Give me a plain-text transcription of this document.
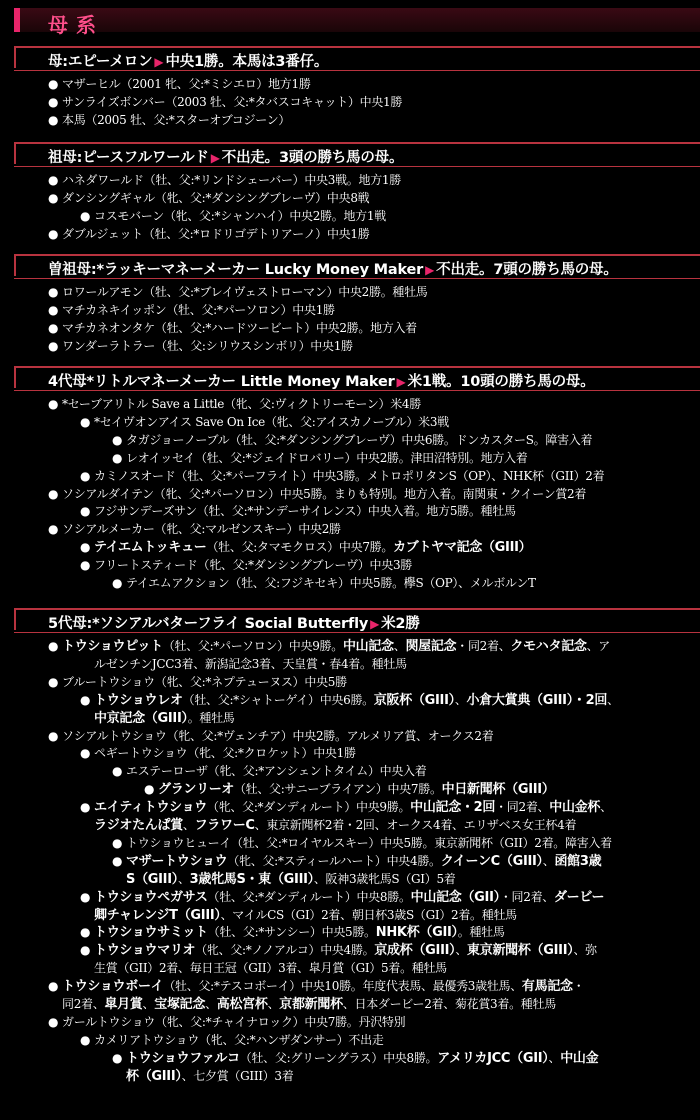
母系
母:エピーメロン ▶ 中央1勝。本馬は3番仔。
● マザーヒル（2001 牝、父:*ミシエロ）地方1勝
● サンライズボンバー（2003 牡、父:*タバスコキャット）中央1勝
● 本馬（2005 牡、父:*スターオブコジーン）
祖母:ピースフルワールド ▶ 不出走。3頭の勝ち馬の母。
● ハネダワールド（牡、父:*リンドシェーバー）中央3戦。地方1勝
● ダンシングギャル（牝、父:*ダンシングブレーヴ）中央8戦
● コスモバーン（牝、父:*シャンハイ）中央2勝。地方1戦
● ダブルジェット（牡、父:*ロドリゴデトリアーノ）中央1勝
曽祖母:*ラッキーマネーメーカー Lucky Money Maker ▶ 不出走。7頭の勝ち馬の母。
● ロワールアモン（牡、父:*ブレイヴェストローマン）中央2勝。種牡馬
● マチカネキイッポン（牡、父:*パーソロン）中央1勝
● マチカネオンタケ（牡、父:*ハードツービート）中央2勝。地方入着
● ワンダーラトラー（牡、父:シリウスシンボリ）中央1勝
4代母*リトルマネーメーカー Little Money Maker ▶ 米1戦。10頭の勝ち馬の母。
● *セーブアリトル Save a Little（牝、父:ヴィクトリーモーン）米4勝
● *セイヴオンアイス Save On Ice（牝、父:アイスカノーブル）米3戦
● タガジョーノーブル（牡、父:*ダンシングブレーヴ）中央6勝。ドンカスターS。障害入着
● レオイッセイ（牡、父:*ジェイドロバリー）中央2勝。津田沼特別。地方入着
● カミノスオード（牡、父:*パーフライト）中央3勝。メトロポリタンS（OP）、NHK杯（GII）2着
● ソシアルダイテン（牝、父:*パーソロン）中央5勝。まりも特別。地方入着。南関東・クイーン賞2着
● フジサンデーズサン（牡、父:*サンデーサイレンス）中央入着。地方5勝。種牡馬
● ソシアルメーカー（牝、父:マルゼンスキー）中央2勝
● テイエムトッキュー（牡、父:タマモクロス）中央7勝。カブトヤマ記念（GIII）
● フリートスティード（牝、父:*ダンシングブレーヴ）中央3勝
● テイエムアクション（牡、父:フジキセキ）中央5勝。欅S（OP）、メルボルンT
5代母:*ソシアルバターフライ Social Butterfly ▶ 米2勝
● トウショウピット（牡、父:*パーソロン）中央9勝。中山記念、関屋記念・同2着、クモハタ記念、ア
ルゼンチンJCC3着、新潟記念3着、天皇賞・春4着。種牡馬
● ブルートウショウ（牝、父:*ネプテューヌス）中央5勝
● トウショウレオ（牡、父:*シャトーゲイ）中央6勝。京阪杯（GIII）、小倉大賞典（GIII）・2回、
中京記念（GIII）。種牡馬
● ソシアルトウショウ（牝、父:*ヴェンチア）中央2勝。アルメリア賞、オークス2着
● ペギートウショウ（牝、父:*クロケット）中央1勝
● エステーローザ（牝、父:*アンシェントタイム）中央入着
● グランリーオ（牡、父:サニーブライアン）中央7勝。中日新聞杯（GIII）
● エイティトウショウ（牝、父:*ダンディルート）中央9勝。中山記念・2回・同2着、中山金杯、
ラジオたんぱ賞、フラワーC、東京新聞杯2着・2回、オークス4着、エリザベス女王杯4着
● トウショウヒューイ（牡、父:*ロイヤルスキー）中央5勝。東京新聞杯（GII）2着。障害入着
● マザートウショウ（牝、父:*スティールハート）中央4勝。クイーンC（GIII）、函館3歳
S（GIII）、3歳牝馬S・東（GIII）、阪神3歳牝馬S（GI）5着
● トウショウペガサス（牡、父:*ダンディルート）中央8勝。中山記念（GII）・同2着、ダービー
卿チャレンジT（GIII）、マイルCS（GI）2着、朝日杯3歳S（GI）2着。種牡馬
● トウショウサミット（牡、父:*サンシー）中央5勝。NHK杯（GII）。種牡馬
● トウショウマリオ（牝、父:*ノノアルコ）中央4勝。京成杯（GIII）、東京新聞杯（GIII）、弥
生賞（GII）2着、毎日王冠（GII）3着、皐月賞（GI）5着。種牡馬
● トウショウボーイ（牡、父:*テスコボーイ）中央10勝。年度代表馬、最優秀3歳牡馬、有馬記念・
同2着、皐月賞、宝塚記念、高松宮杯、京都新聞杯、日本ダービー2着、菊花賞3着。種牡馬
● ガールトウショウ（牝、父:*チャイナロック）中央7勝。丹沢特別
● カメリアトウショウ（牝、父:*ハンザダンサー）不出走
● トウショウファルコ（牡、父:グリーングラス）中央8勝。アメリカJCC（GII）、中山金
杯（GIII）、七夕賞（GIII）3着
